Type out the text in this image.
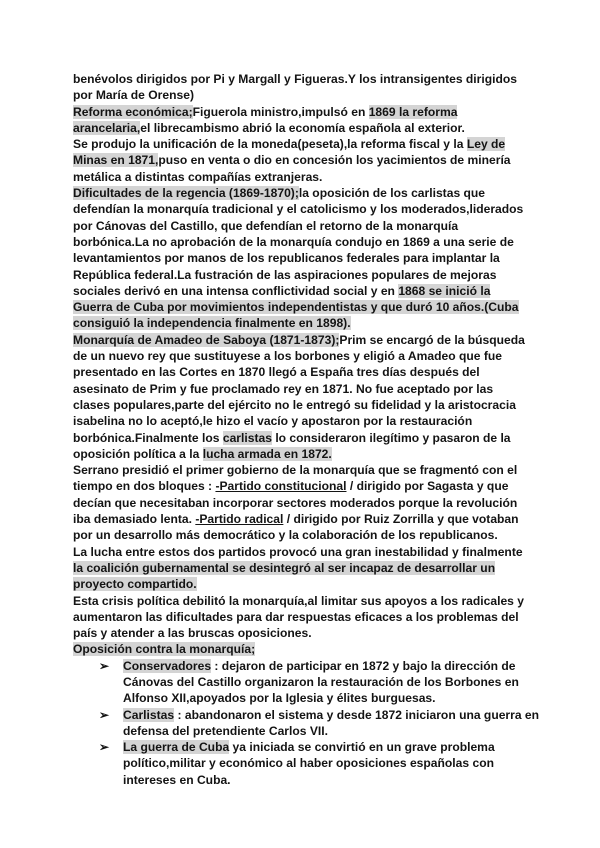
benévolos dirigidos por Pi y Margall y Figueras.Y los intransigentes dirigidos

por María de Orense)

Reforma económica;Figuerola ministro,impulsó en 1869 la reforma

arancelaria,el librecambismo abrió la economía española al exterior.

Se produjo la unificación de la moneda(peseta),la reforma fiscal y la Ley de

Minas en 1871,puso en venta o dio en concesión los yacimientos de minería

metálica a distintas compañías extranjeras.

Dificultades de la regencia (1869-1870);la oposición de los carlistas que

defendían la monarquía tradicional y el catolicismo y los moderados,liderados

por Cánovas del Castillo, que defendían el retorno de la monarquía

borbónica.La no aprobación de la monarquía condujo en 1869 a una serie de

levantamientos por manos de los republicanos federales para implantar la

República federal.La fustración de las aspiraciones populares de mejoras

sociales derivó en una intensa conflictividad social y en 1868 se inició la

Guerra de Cuba por movimientos independentistas y que duró 10 años.(Cuba

consiguió la independencia finalmente en 1898).

Monarquía de Amadeo de Saboya (1871-1873);Prim se encargó de la búsqueda

de un nuevo rey que sustituyese a los borbones y eligió a Amadeo que fue

presentado en las Cortes en 1870 llegó a España tres días después del

asesinato de Prim y fue proclamado rey en 1871. No fue aceptado por las

clases populares,parte del ejército no le entregó su fidelidad y la aristocracia

isabelina no lo aceptó,le hizo el vacío y apostaron por la restauración

borbónica.Finalmente los carlistas lo consideraron ilegítimo y pasaron de la

oposición política a la lucha armada en 1872.

Serrano presidió el primer gobierno de la monarquía que se fragmentó con el

tiempo en dos bloques : -Partido constitucional / dirigido por Sagasta y que

decían que necesitaban incorporar sectores moderados porque la revolución

iba demasiado lenta. -Partido radical / dirigido por Ruiz Zorrilla y que votaban

por un desarrollo más democrático y la colaboración de los republicanos.

La lucha entre estos dos partidos provocó una gran inestabilidad y finalmente

la coalición gubernamental se desintegró al ser incapaz de desarrollar un

proyecto compartido.

Esta crisis política debilitó la monarquía,al limitar sus apoyos a los radicales y

aumentaron las dificultades para dar respuestas eficaces a los problemas del

país y atender a las bruscas oposiciones.

Oposición contra la monarquía;

➢	Conservadores : dejaron de participar en 1872 y bajo la dirección de

Cánovas del Castillo organizaron la restauración de los Borbones en

Alfonso XII,apoyados por la Iglesia y élites burguesas.

➢	Carlistas : abandonaron el sistema y desde 1872 iniciaron una guerra en

defensa del pretendiente Carlos VII.

➢	La guerra de Cuba ya iniciada se convirtió en un grave problema

político,militar y económico al haber oposiciones españolas con

intereses en Cuba.
